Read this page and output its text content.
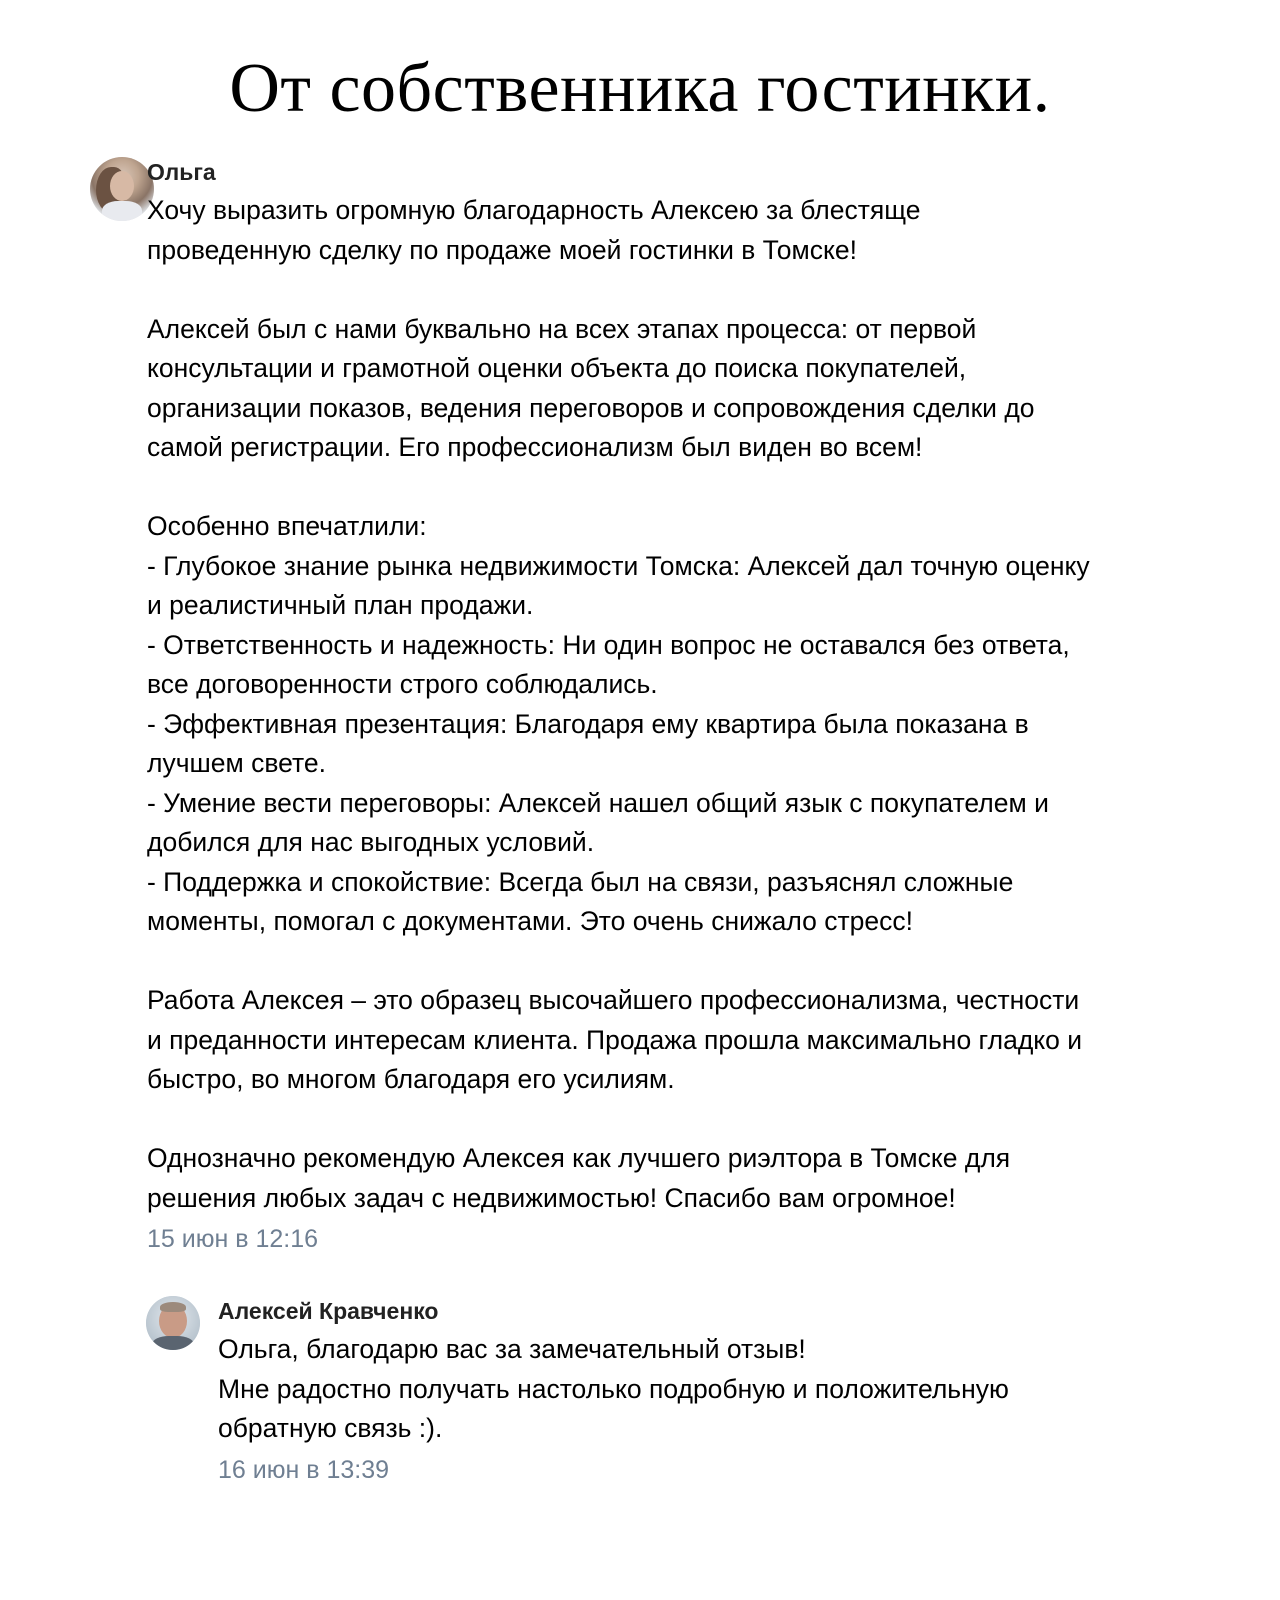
От собственника гостинки.
Ольга
Хочу выразить огромную благодарность Алексею за блестяще
проведенную сделку по продаже моей гостинки в Томске!

Алексей был с нами буквально на всех этапах процесса: от первой
консультации и грамотной оценки объекта до поиска покупателей,
организации показов, ведения переговоров и сопровождения сделки до
самой регистрации. Его профессионализм был виден во всем!

Особенно впечатлили:
- Глубокое знание рынка недвижимости Томска: Алексей дал точную оценку
и реалистичный план продажи.
- Ответственность и надежность: Ни один вопрос не оставался без ответа,
все договоренности строго соблюдались.
- Эффективная презентация: Благодаря ему квартира была показана в
лучшем свете.
- Умение вести переговоры: Алексей нашел общий язык с покупателем и
добился для нас выгодных условий.
- Поддержка и спокойствие: Всегда был на связи, разъяснял сложные
моменты, помогал с документами. Это очень снижало стресс!

Работа Алексея – это образец высочайшего профессионализма, честности
и преданности интересам клиента. Продажа прошла максимально гладко и
быстро, во многом благодаря его усилиям.

Однозначно рекомендую Алексея как лучшего риэлтора в Томске для
решения любых задач с недвижимостью! Спасибо вам огромное!
15 июн в 12:16
Алексей Кравченко
Ольга, благодарю вас за замечательный отзыв!
Мне радостно получать настолько подробную и положительную
обратную связь :).
16 июн в 13:39
